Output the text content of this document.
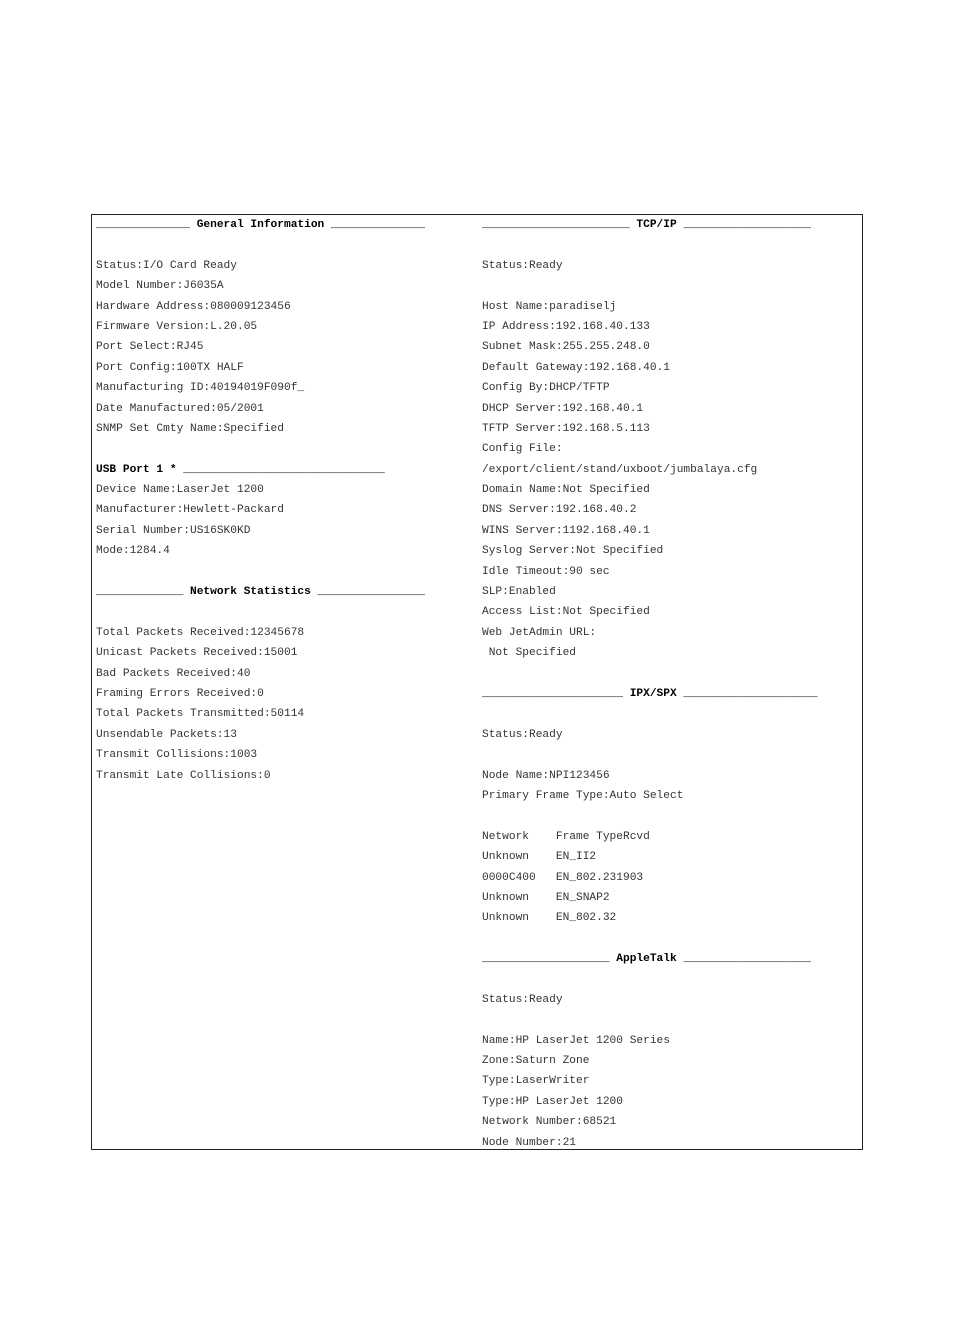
______________ General Information ______________
Status:I/O Card Ready
Model Number:J6035A
Hardware Address:080009123456
Firmware Version:L.20.05
Port Select:RJ45
Port Config:100TX HALF
Manufacturing ID:40194019F090f_
Date Manufactured:05/2001
SNMP Set Cmty Name:Specified
USB Port 1 * ______________________________
Device Name:LaserJet 1200
Manufacturer:Hewlett-Packard
Serial Number:US16SK0KD
Mode:1284.4
_____________ Network Statistics ________________
Total Packets Received:12345678
Unicast Packets Received:15001
Bad Packets Received:40
Framing Errors Received:0
Total Packets Transmitted:50114
Unsendable Packets:13
Transmit Collisions:1003
Transmit Late Collisions:0
______________________ TCP/IP ___________________
Status:Ready
Host Name:paradiselj
IP Address:192.168.40.133
Subnet Mask:255.255.248.0
Default Gateway:192.168.40.1
Config By:DHCP/TFTP
DHCP Server:192.168.40.1
TFTP Server:192.168.5.113
Config File:
/export/client/stand/uxboot/jumbalaya.cfg
Domain Name:Not Specified
DNS Server:192.168.40.2
WINS Server:1192.168.40.1
Syslog Server:Not Specified
Idle Timeout:90 sec
SLP:Enabled
Access List:Not Specified
Web JetAdmin URL:
Not Specified
_____________________ IPX/SPX ____________________
Status:Ready
Node Name:NPI123456
Primary Frame Type:Auto Select
Network    Frame TypeRcvd
Unknown    EN_II2
0000C400   EN_802.231903
Unknown    EN_SNAP2
Unknown    EN_802.32
___________________ AppleTalk ___________________
Status:Ready
Name:HP LaserJet 1200 Series
Zone:Saturn Zone
Type:LaserWriter
Type:HP LaserJet 1200
Network Number:68521
Node Number:21
